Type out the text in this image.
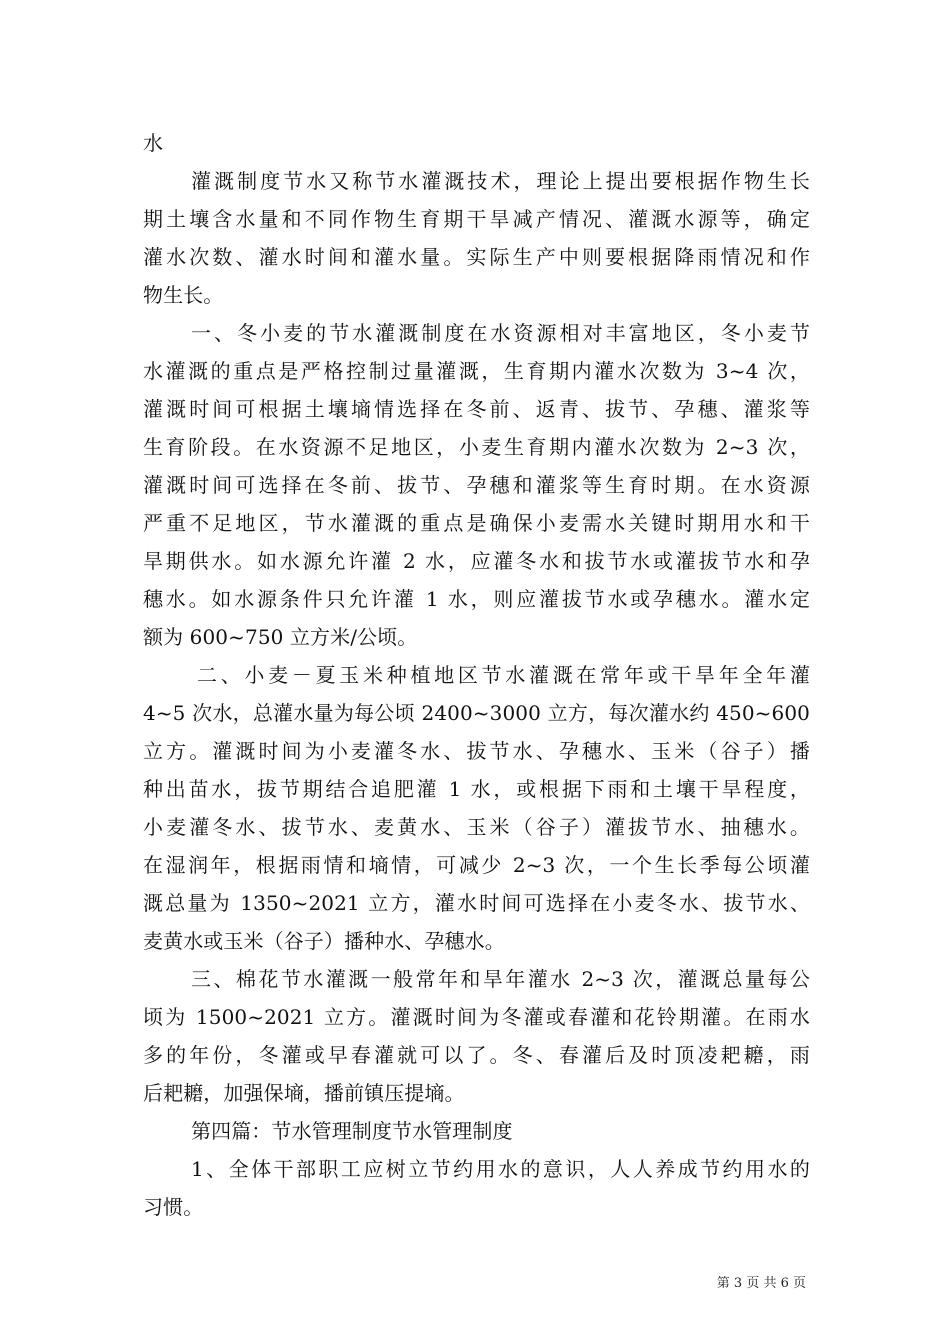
水
灌溉制度节水又称节水灌溉技术，理论上提出要根据作物生长
期土壤含水量和不同作物生育期干旱减产情况、灌溉水源等，确定
灌水次数、灌水时间和灌水量。实际生产中则要根据降雨情况和作
物生长。
一、冬小麦的节水灌溉制度在水资源相对丰富地区，冬小麦节
水灌溉的重点是严格控制过量灌溉，生育期内灌水次数为 3~4 次，
灌溉时间可根据土壤墒情选择在冬前、返青、拔节、孕穗、灌浆等
生育阶段。在水资源不足地区，小麦生育期内灌水次数为 2~3 次，
灌溉时间可选择在冬前、拔节、孕穗和灌浆等生育时期。在水资源
严重不足地区，节水灌溉的重点是确保小麦需水关键时期用水和干
旱期供水。如水源允许灌 2 水，应灌冬水和拔节水或灌拔节水和孕
穗水。如水源条件只允许灌 1 水，则应灌拔节水或孕穗水。灌水定
额为 600~750 立方米/公顷。
二、小麦－夏玉米种植地区节水灌溉在常年或干旱年全年灌
4~5 次水，总灌水量为每公顷 2400~3000 立方，每次灌水约 450~600
立方。灌溉时间为小麦灌冬水、拔节水、孕穗水、玉米（谷子）播
种出苗水，拔节期结合追肥灌 1 水，或根据下雨和土壤干旱程度，
小麦灌冬水、拔节水、麦黄水、玉米（谷子）灌拔节水、抽穗水。
在湿润年，根据雨情和墒情，可减少 2~3 次，一个生长季每公顷灌
溉总量为 1350~2021 立方，灌水时间可选择在小麦冬水、拔节水、
麦黄水或玉米（谷子）播种水、孕穗水。
三、棉花节水灌溉一般常年和旱年灌水 2~3 次，灌溉总量每公
顷为 1500~2021 立方。灌溉时间为冬灌或春灌和花铃期灌。在雨水
多的年份，冬灌或早春灌就可以了。冬、春灌后及时顶凌耙耱，雨
后耙耱，加强保墒，播前镇压提墒。
第四篇：节水管理制度节水管理制度
1、全体干部职工应树立节约用水的意识，人人养成节约用水的
习惯。
第 3 页 共 6 页
